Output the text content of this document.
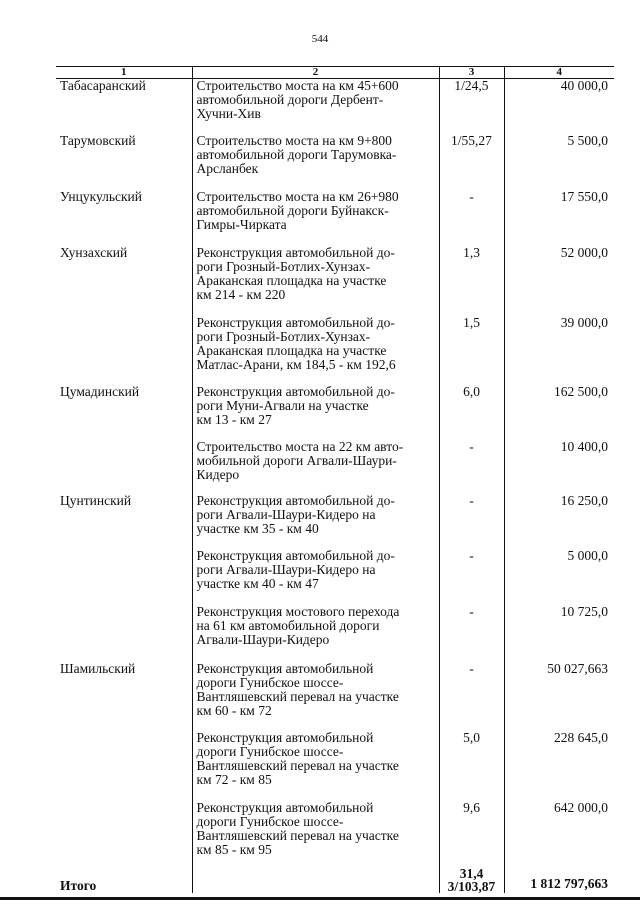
544
1	2	3	4
Табасаранский	Строительство моста на км 45+600
автомобильной дороги Дербент-
Хучни-Хив	1/24,5	40 000,0
Тарумовский	Строительство моста на км 9+800
автомобильной дороги Тарумовка-
Арсланбек	1/55,27	5 500,0
Унцукульский	Строительство моста на км 26+980
автомобильной дороги Буйнакск-
Гимры-Чирката	-	17 550,0
Хунзахский	Реконструкция автомобильной до-
роги Грозный-Ботлих-Хунзах-
Араканская площадка на участке
км 214 - км 220	1,3	52 000,0

	Реконструкция автомобильной до-
роги Грозный-Ботлих-Хунзах-
Араканская площадка на участке
Матлас-Арани, км 184,5 - км 192,6	1,5	39 000,0
Цумадинский	Реконструкция автомобильной до-
роги Муни-Агвали на участке
км 13 - км 27	6,0	162 500,0

	Строительство моста на 22 км авто-
мобильной дороги Агвали-Шаури-
Кидеро	-	10 400,0
Цунтинский	Реконструкция автомобильной до-
роги Агвали-Шаури-Кидеро на
участке км 35 - км 40	-	16 250,0

	Реконструкция автомобильной до-
роги Агвали-Шаури-Кидеро на
участке км 40 - км 47	-	5 000,0

	Реконструкция мостового перехода
на 61 км автомобильной дороги
Агвали-Шаури-Кидеро	-	10 725,0
Шамильский	Реконструкция автомобильной
дороги Гунибское шоссе-
Вантляшевский перевал на участке
км 60 - км 72	-	50 027,663

	Реконструкция автомобильной
дороги Гунибское шоссе-
Вантляшевский перевал на участке
км 72 - км 85	5,0	228 645,0

	Реконструкция автомобильной
дороги Гунибское шоссе-
Вантляшевский перевал на участке
км 85 - км 95	9,6	642 000,0
Итого		31,4
3/103,87	1 812 797,663
